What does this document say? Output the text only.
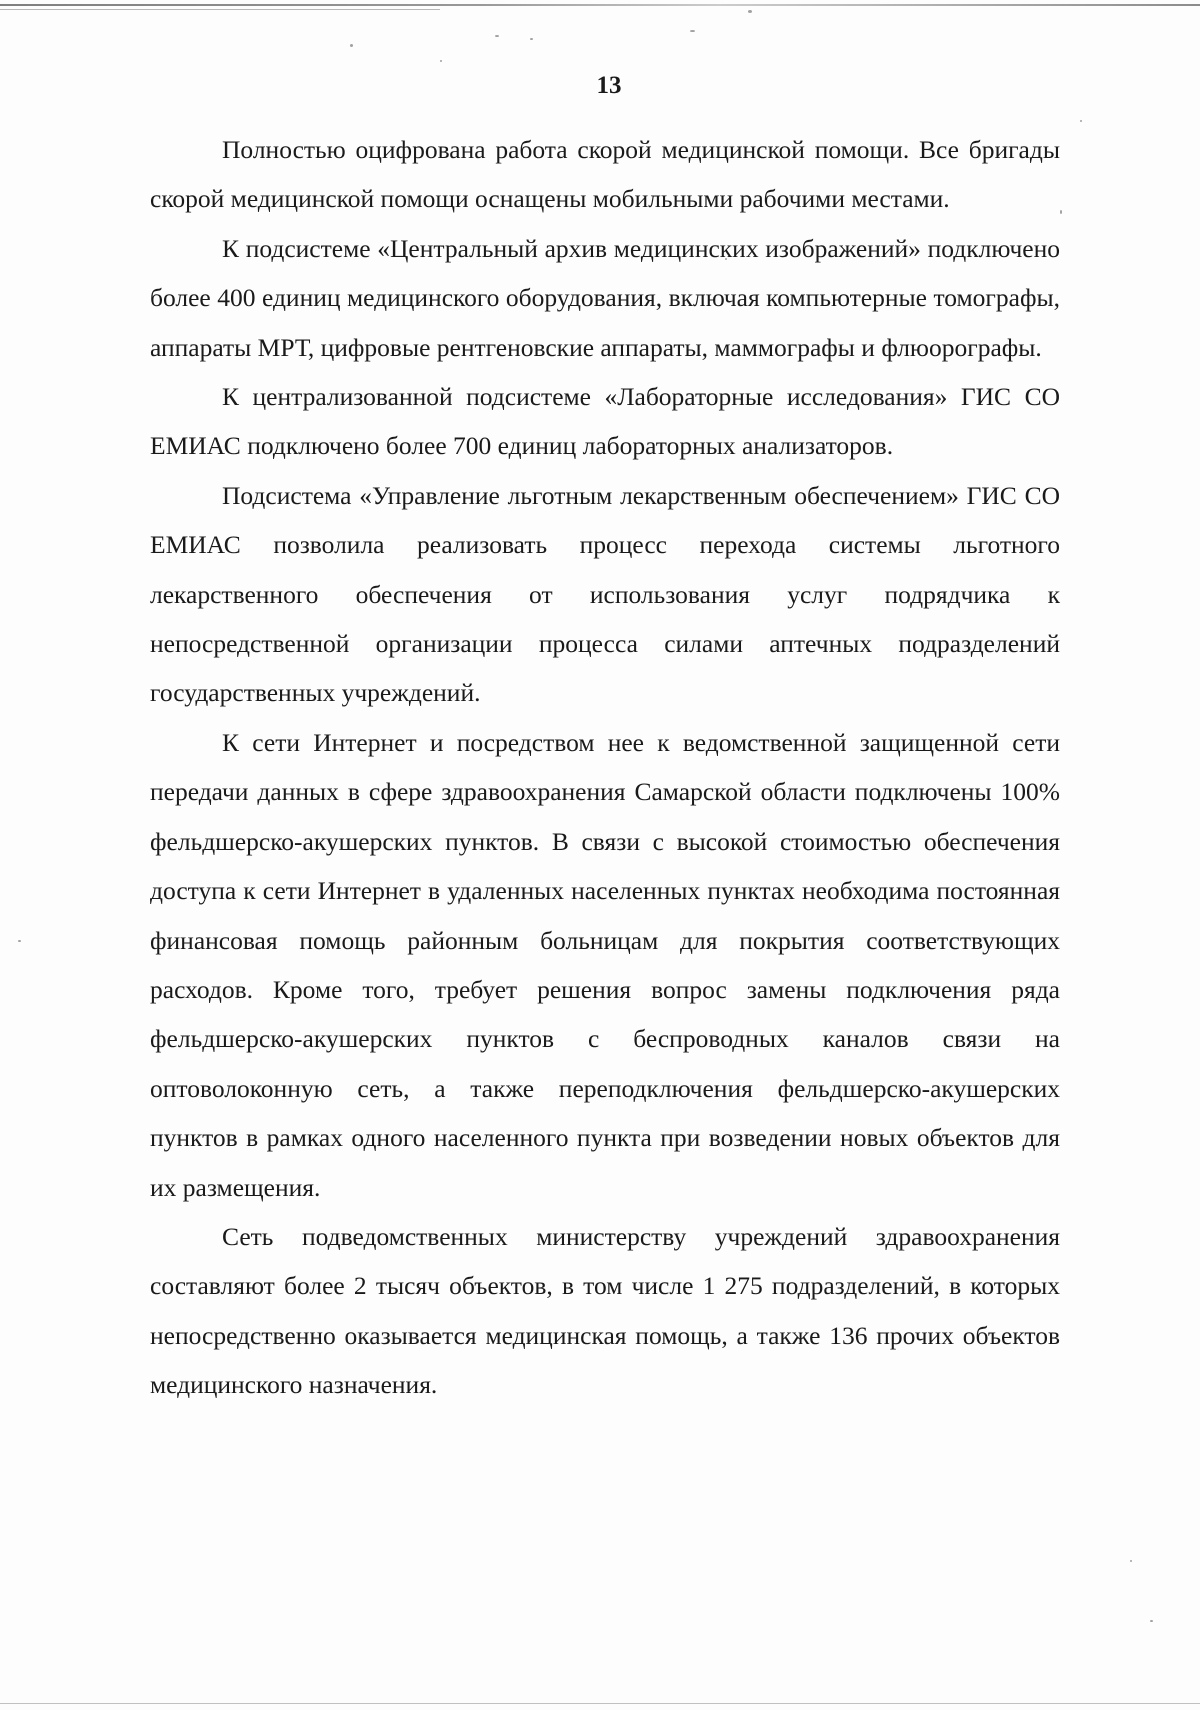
13

Полностью оцифрована работа скорой медицинской помощи. Все бригады скорой медицинской помощи оснащены мобильными рабочими местами.

К подсистеме «Центральный архив медицинских изображений» подключено более 400 единиц медицинского оборудования, включая компьютерные томографы, аппараты МРТ, цифровые рентгеновские аппараты, маммографы и флюорографы.

К централизованной подсистеме «Лабораторные исследования» ГИС СО ЕМИАС подключено более 700 единиц лабораторных анализаторов.

Подсистема «Управление льготным лекарственным обеспечением» ГИС СО ЕМИАС позволила реализовать процесс перехода системы льготного лекарственного обеспечения от использования услуг подрядчика к непосредственной организации процесса силами аптечных подразделений государственных учреждений.

К сети Интернет и посредством нее к ведомственной защищенной сети передачи данных в сфере здравоохранения Самарской области подключены 100% фельдшерско-акушерских пунктов. В связи с высокой стоимостью обеспечения доступа к сети Интернет в удаленных населенных пунктах необходима постоянная финансовая помощь районным больницам для покрытия соответствующих расходов. Кроме того, требует решения вопрос замены подключения ряда фельдшерско-акушерских пунктов с беспроводных каналов связи на оптоволоконную сеть, а также переподключения фельдшерско-акушерских пунктов в рамках одного населенного пункта при возведении новых объектов для их размещения.

Сеть подведомственных министерству учреждений здравоохранения составляют более 2 тысяч объектов, в том числе 1 275 подразделений, в которых непосредственно оказывается медицинская помощь, а также 136 прочих объектов медицинского назначения.
